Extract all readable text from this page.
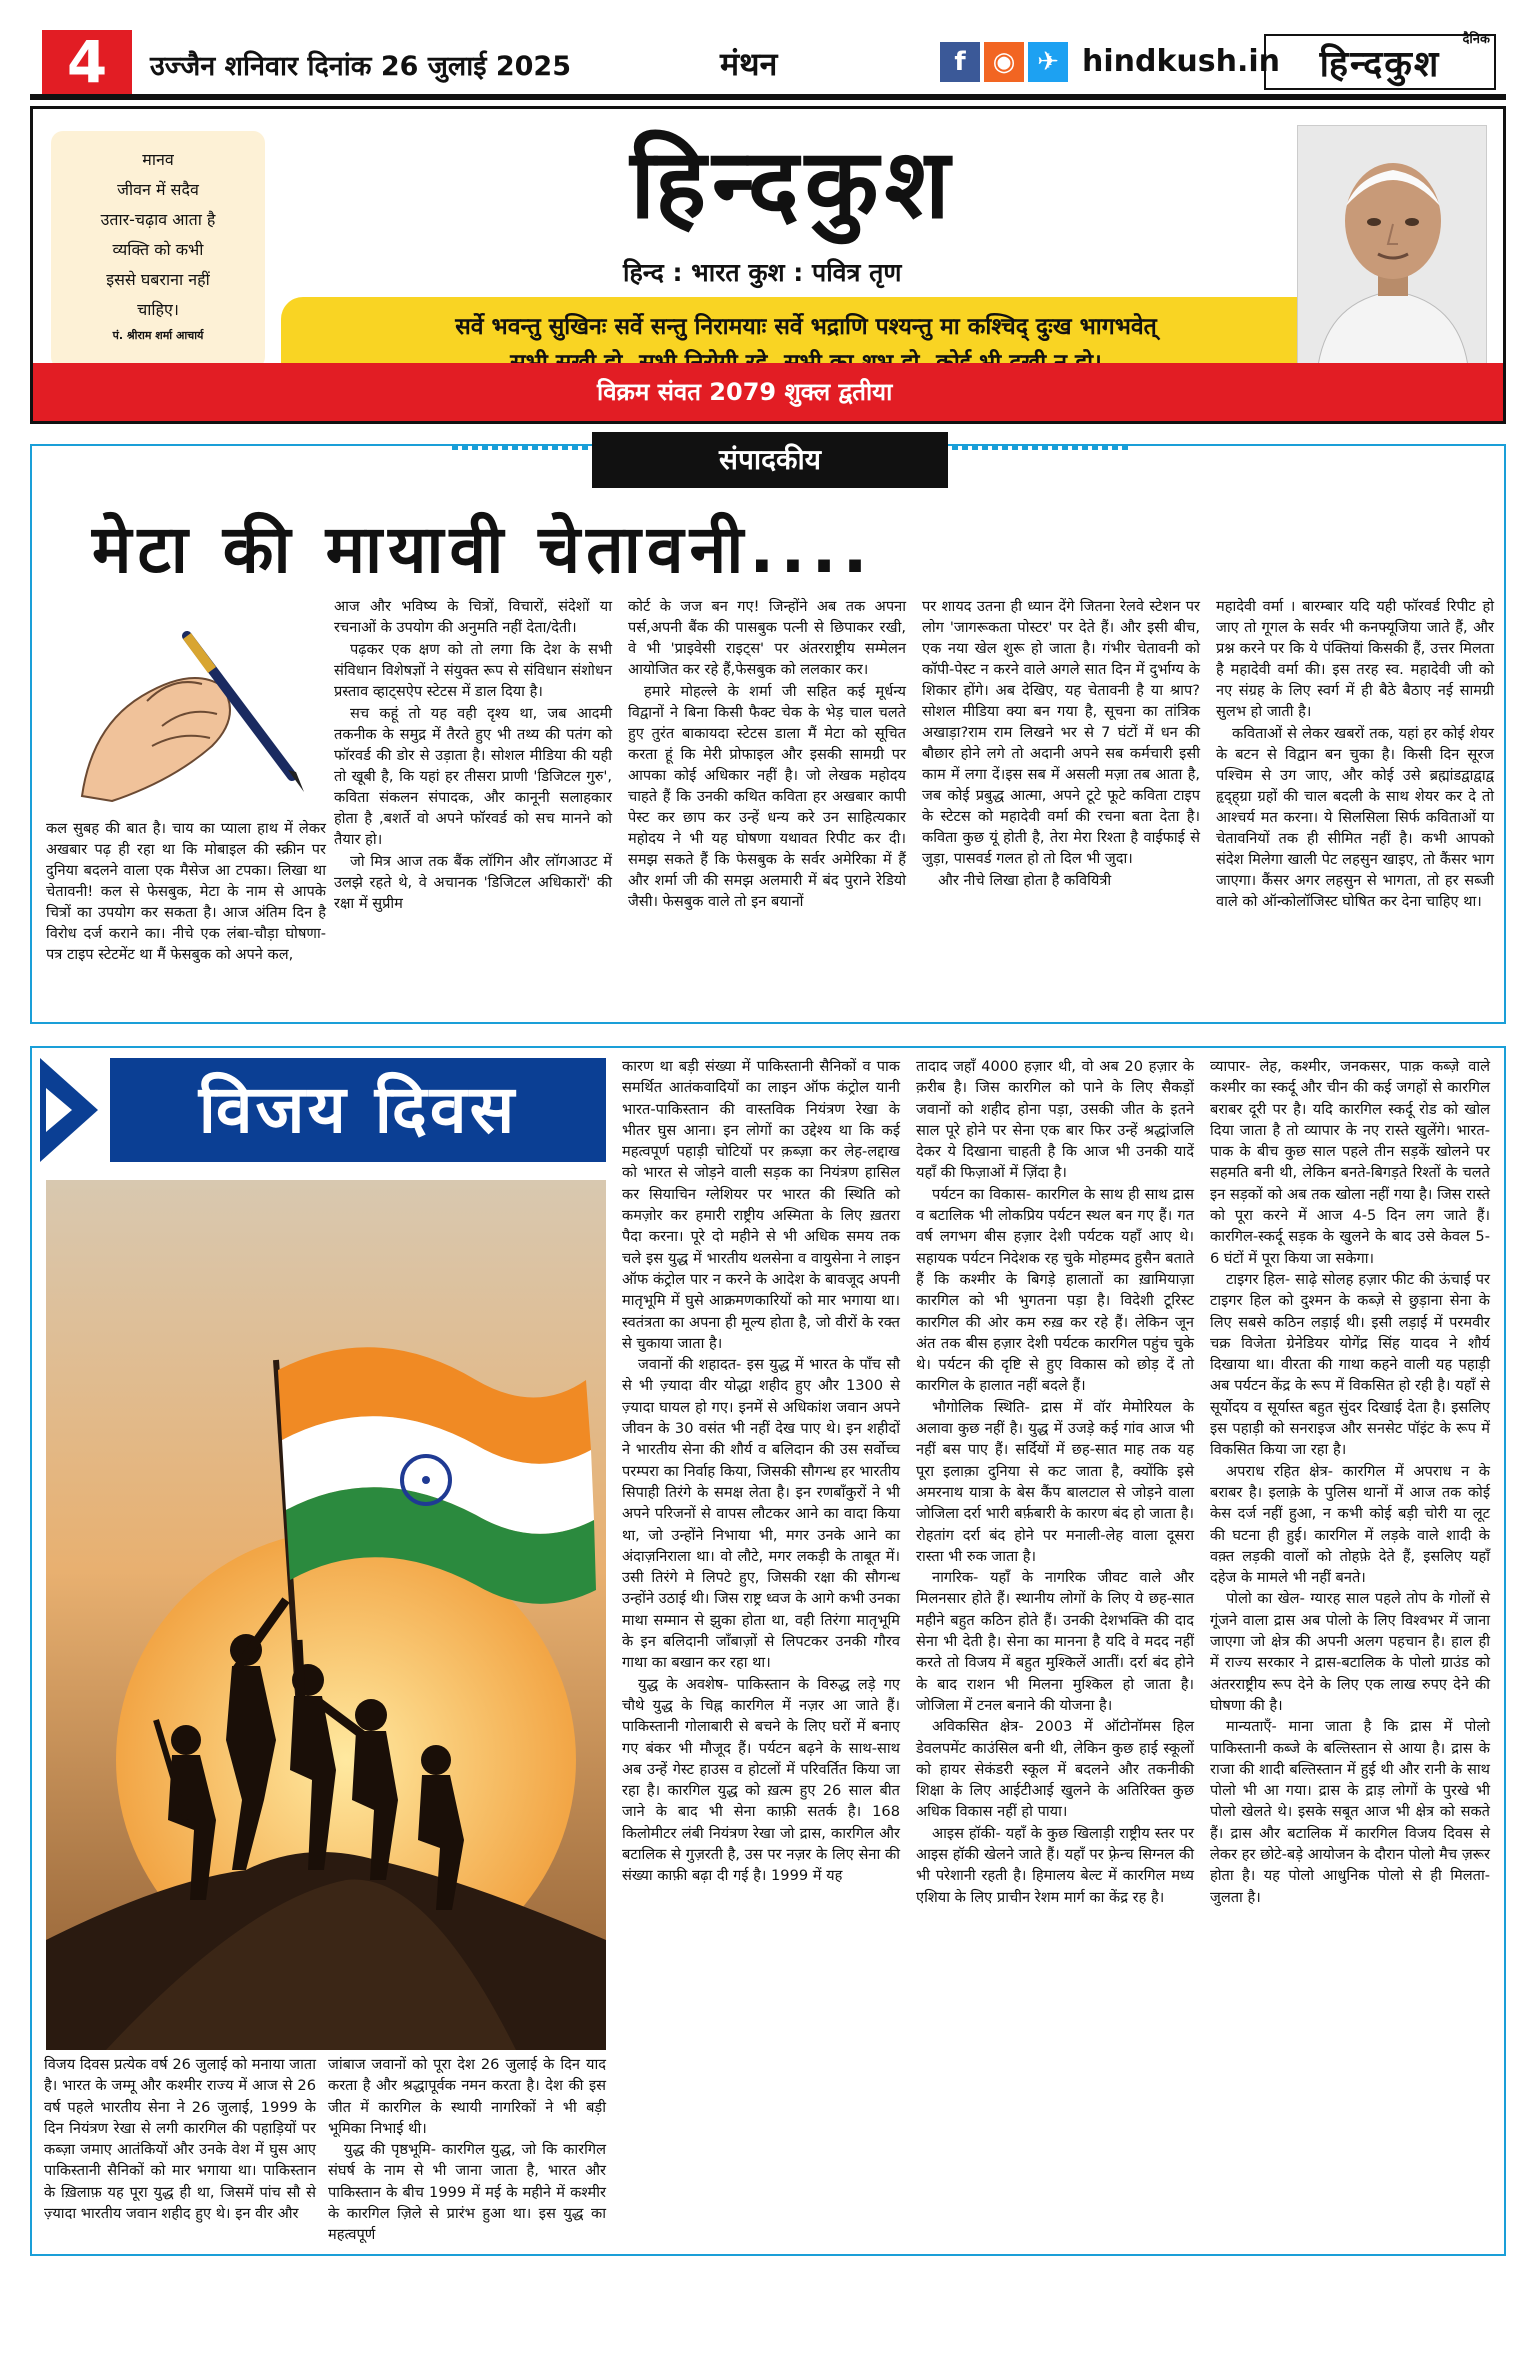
4	उज्जैन शनिवार दिनांक 26 जुलाई 2025	मंथन	f	◉ ✈ hindkush.in
दैनिक
हिन्दकुश
मानव
जीवन में सदैव
उतार-चढ़ाव आता है
व्यक्ति को कभी
इससे घबराना नहीं
चाहिए।
पं. श्रीराम शर्मा आचार्य
हिन्दकुश
हिन्द : भारत कुश : पवित्र तृण
सर्वे भवन्तु सुखिनः सर्वे सन्तु निरामयाः सर्वे भद्राणि पश्यन्तु मा कश्चिद् दुःख भागभवेत्
विक्रम संवत 2079 शुक्ल द्वतीया
संपादकीय
मेटा की मायावी चेतावनी....

कल सुबह की बात है। चाय का प्याला हाथ में लेकर अखबार पढ़ ही रहा था कि मोबाइल की स्क्रीन पर दुनिया बदलने वाला एक मैसेज आ टपका। लिखा था चेतावनी! कल से फेसबुक, मेटा के नाम से आपके चित्रों का उपयोग कर सकता है। आज अंतिम दिन है विरोध दर्ज कराने का। नीचे एक लंबा-चौड़ा घोषणा-पत्र टाइप स्टेटमेंट था मैं फेसबुक को अपने कल,

आज और भविष्य के चित्रों, विचारों, संदेशों या रचनाओं के उपयोग की अनुमति नहीं देता/देती।

पढ़कर एक क्षण को तो लगा कि देश के सभी संविधान विशेषज्ञों ने संयुक्त रूप से संविधान संशोधन प्रस्ताव व्हाट्सऐप स्टेटस में डाल दिया है।

सच कहूं तो यह वही दृश्य था, जब आदमी तकनीक के समुद्र में तैरते हुए भी तथ्य की पतंग को फॉरवर्ड की डोर से उड़ाता है। सोशल मीडिया की यही तो खूबी है, कि यहां हर तीसरा प्राणी 'डिजिटल गुरु', कविता संकलन संपादक, और कानूनी सलाहकार होता है ,बशर्ते वो अपने फॉरवर्ड को सच मानने को तैयार हो।

जो मित्र आज तक बैंक लॉगिन और लॉगआउट में उलझे रहते थे, वे अचानक 'डिजिटल अधिकारों' की रक्षा में सुप्रीम

कोर्ट के जज बन गए! जिन्होंने अब तक अपना पर्स,अपनी बैंक की पासबुक पत्नी से छिपाकर रखी, वे भी 'प्राइवेसी राइट्स' पर अंतरराष्ट्रीय सम्मेलन आयोजित कर रहे हैं,फेसबुक को ललकार कर।

हमारे मोहल्ले के शर्मा जी सहित कई मूर्धन्य विद्वानों ने बिना किसी फैक्ट चेक के भेड़ चाल चलते हुए तुरंत बाकायदा स्टेटस डाला मैं मेटा को सूचित करता हूं कि मेरी प्रोफाइल और इसकी सामग्री पर आपका कोई अधिकार नहीं है। जो लेखक महोदय चाहते हैं कि उनकी कथित कविता हर अखबार कापी पेस्ट कर छाप कर उन्हें धन्य करे उन साहित्यकार महोदय ने भी यह घोषणा यथावत रिपीट कर दी। समझ सकते हैं कि फेसबुक के सर्वर अमेरिका में हैं और शर्मा जी की समझ अलमारी में बंद पुराने रेडियो जैसी। फेसबुक वाले तो इन बयानों

पर शायद उतना ही ध्यान देंगे जितना रेलवे स्टेशन पर लोग 'जागरूकता पोस्टर' पर देते हैं। और इसी बीच, एक नया खेल शुरू हो जाता है। गंभीर चेतावनी को कॉपी-पेस्ट न करने वाले अगले सात दिन में दुर्भाग्य के शिकार होंगे। अब देखिए, यह चेतावनी है या श्राप? सोशल मीडिया क्या बन गया है, सूचना का तांत्रिक अखाड़ा?राम राम लिखने भर से 7 घंटों में धन की बौछार होने लगे तो अदानी अपने सब कर्मचारी इसी काम में लगा दें।इस सब में असली मज़ा तब आता है, जब कोई प्रबुद्ध आत्मा, अपने टूटे फूटे कविता टाइप के स्टेटस को महादेवी वर्मा की रचना बता देता है। कविता कुछ यूं होती है, तेरा मेरा रिश्ता है वाईफाई से जुड़ा, पासवर्ड गलत हो तो दिल भी जुदा।

और नीचे लिखा होता है कवियित्री

महादेवी वर्मा । बारम्बार यदि यही फॉरवर्ड रिपीट हो जाए तो गूगल के सर्वर भी कनफ्यूजिया जाते हैं, और प्रश्न करने पर कि ये पंक्तियां किसकी हैं, उत्तर मिलता है महादेवी वर्मा की। इस तरह स्व. महादेवी जी को नए संग्रह के लिए स्वर्ग में ही बैठे बैठाए नई सामग्री सुलभ हो जाती है।

कविताओं से लेकर खबरों तक, यहां हर कोई शेयर के बटन से विद्वान बन चुका है। किसी दिन सूरज पश्चिम से उग जाए, और कोई उसे ब्रह्मांडद्वाद्वाद्व हृद्‌ह्‌ग्रा ग्रहों की चाल बदली के साथ शेयर कर दे तो आश्चर्य मत करना। ये सिलसिला सिर्फ कविताओं या चेतावनियों तक ही सीमित नहीं है। कभी आपको संदेश मिलेगा खाली पेट लहसुन खाइए, तो कैंसर भाग जाएगा। कैंसर अगर लहसुन से भागता, तो हर सब्जी वाले को ऑन्कोलॉजिस्ट घोषित कर देना चाहिए था।

विजय दिवस

विजय दिवस प्रत्येक वर्ष 26 जुलाई को मनाया जाता है। भारत के जम्मू और कश्मीर राज्य में आज से 26 वर्ष पहले भारतीय सेना ने 26 जुलाई, 1999 के दिन नियंत्रण रेखा से लगी कारगिल की पहाड़ियों पर कब्ज़ा जमाए आतंकियों और उनके वेश में घुस आए पाकिस्तानी सैनिकों को मार भगाया था। पाकिस्तान के ख़िलाफ़ यह पूरा युद्ध ही था, जिसमें पांच सौ से ज़्यादा भारतीय जवान शहीद हुए थे। इन वीर और

जांबाज जवानों को पूरा देश 26 जुलाई के दिन याद करता है और श्रद्धापूर्वक नमन करता है। देश की इस जीत में कारगिल के स्थायी नागरिकों ने भी बड़ी भूमिका निभाई थी।

युद्ध की पृष्ठभूमि- कारगिल युद्ध, जो कि कारगिल संघर्ष के नाम से भी जाना जाता है, भारत और पाकिस्तान के बीच 1999 में मई के महीने में कश्मीर के कारगिल ज़िले से प्रारंभ हुआ था। इस युद्ध का महत्वपूर्ण

कारण था बड़ी संख्या में पाकिस्तानी सैनिकों व पाक समर्थित आतंकवादियों का लाइन ऑफ कंट्रोल यानी भारत-पाकिस्तान की वास्तविक नियंत्रण रेखा के भीतर घुस आना। इन लोगों का उद्देश्य था कि कई महत्वपूर्ण पहाड़ी चोटियों पर क़ब्ज़ा कर लेह-लद्दाख को भारत से जोड़ने वाली सड़क का नियंत्रण हासिल कर सियाचिन ग्लेशियर पर भारत की स्थिति को कमज़ोर कर हमारी राष्ट्रीय अस्मिता के लिए ख़तरा पैदा करना। पूरे दो महीने से भी अधिक समय तक चले इस युद्ध में भारतीय थलसेना व वायुसेना ने लाइन ऑफ कंट्रोल पार न करने के आदेश के बावजूद अपनी मातृभूमि में घुसे आक्रमणकारियों को मार भगाया था। स्वतंत्रता का अपना ही मूल्य होता है, जो वीरों के रक्त से चुकाया जाता है।

जवानों की शहादत- इस युद्ध में भारत के पाँच सौ से भी ज़्यादा वीर योद्धा शहीद हुए और 1300 से ज़्यादा घायल हो गए। इनमें से अधिकांश जवान अपने जीवन के 30 वसंत भी नहीं देख पाए थे। इन शहीदों ने भारतीय सेना की शौर्य व बलिदान की उस सर्वोच्च परम्परा का निर्वाह किया, जिसकी सौगन्ध हर भारतीय सिपाही तिरंगे के समक्ष लेता है। इन रणबाँकुरों ने भी अपने परिजनों से वापस लौटकर आने का वादा किया था, जो उन्होंने निभाया भी, मगर उनके आने का अंदाज़निराला था। वो लौटे, मगर लकड़ी के ताबूत में। उसी तिरंगे मे लिपटे हुए, जिसकी रक्षा की सौगन्ध उन्होंने उठाई थी। जिस राष्ट्र ध्वज के आगे कभी उनका माथा सम्मान से झुका होता था, वही तिरंगा मातृभूमि के इन बलिदानी जाँबाज़ों से लिपटकर उनकी गौरव गाथा का बखान कर रहा था।

युद्ध के अवशेष- पाकिस्तान के विरुद्ध लड़े गए चौथे युद्ध के चिह्न कारगिल में नज़र आ जाते हैं। पाकिस्तानी गोलाबारी से बचने के लिए घरों में बनाए गए बंकर भी मौजूद हैं। पर्यटन बढ़ने के साथ-साथ अब उन्हें गेस्ट हाउस व होटलों में परिवर्तित किया जा रहा है। कारगिल युद्ध को ख़त्म हुए 26 साल बीत जाने के बाद भी सेना काफ़ी सतर्क है। 168 किलोमीटर लंबी नियंत्रण रेखा जो द्रास, कारगिल और बटालिक से गुज़रती है, उस पर नज़र के लिए सेना की संख्या काफ़ी बढ़ा दी गई है। 1999 में यह

तादाद जहाँ 4000 हज़ार थी, वो अब 20 हज़ार के क़रीब है। जिस कारगिल को पाने के लिए सैकड़ों जवानों को शहीद होना पड़ा, उसकी जीत के इतने साल पूरे होने पर सेना एक बार फिर उन्हें श्रद्धांजलि देकर ये दिखाना चाहती है कि आज भी उनकी यादें यहाँ की फिज़ाओं में ज़िंदा है।

पर्यटन का विकास- कारगिल के साथ ही साथ द्रास व बटालिक भी लोकप्रिय पर्यटन स्थल बन गए हैं। गत वर्ष लगभग बीस हज़ार देशी पर्यटक यहाँ आए थे। सहायक पर्यटन निदेशक रह चुके मोहम्मद हुसैन बताते हैं कि कश्मीर के बिगड़े हालातों का ख़ामियाज़ा कारगिल को भी भुगतना पड़ा है। विदेशी टूरिस्ट कारगिल की ओर कम रुख़ कर रहे हैं। लेकिन जून अंत तक बीस हज़ार देशी पर्यटक कारगिल पहुंच चुके थे। पर्यटन की दृष्टि से हुए विकास को छोड़ दें तो कारगिल के हालात नहीं बदले हैं।

भौगोलिक स्थिति- द्रास में वॉर मेमोरियल के अलावा कुछ नहीं है। युद्ध में उजड़े कई गांव आज भी नहीं बस पाए हैं। सर्दियों में छह-सात माह तक यह पूरा इलाक़ा दुनिया से कट जाता है, क्योंकि इसे अमरनाथ यात्रा के बेस कैंप बालटाल से जोड़ने वाला जोजिला दर्रा भारी बर्फ़बारी के कारण बंद हो जाता है। रोहतांग दर्रा बंद होने पर मनाली-लेह वाला दूसरा रास्ता भी रुक जाता है।

नागरिक- यहाँ के नागरिक जीवट वाले और मिलनसार होते हैं। स्थानीय लोगों के लिए ये छह-सात महीने बहुत कठिन होते हैं। उनकी देशभक्ति की दाद सेना भी देती है। सेना का मानना है यदि वे मदद नहीं करते तो विजय में बहुत मुश्किलें आतीं। दर्रा बंद होने के बाद राशन भी मिलना मुश्किल हो जाता है। जोजिला में टनल बनाने की योजना है।

अविकसित क्षेत्र- 2003 में ऑटोनॉमस हिल डेवलपमेंट काउंसिल बनी थी, लेकिन कुछ हाई स्कूलों को हायर सेकंडरी स्कूल में बदलने और तकनीकी शिक्षा के लिए आईटीआई खुलने के अतिरिक्त कुछ अधिक विकास नहीं हो पाया।

आइस हॉकी- यहाँ के कुछ खिलाड़ी राष्ट्रीय स्तर पर आइस हॉकी खेलने जाते हैं। यहाँ पर फ़्रेन्च सिग्नल की भी परेशानी रहती है। हिमालय बेल्ट में कारगिल मध्य एशिया के लिए प्राचीन रेशम मार्ग का केंद्र रह है।

व्यापार- लेह, कश्मीर, जनकसर, पाक़ कब्ज़े वाले कश्मीर का स्कर्दू और चीन की कई जगहों से कारगिल बराबर दूरी पर है। यदि कारगिल स्कर्दू रोड को खोल दिया जाता है तो व्यापार के नए रास्ते खुलेंगे। भारत-पाक के बीच कुछ साल पहले तीन सड़कें खोलने पर सहमति बनी थी, लेकिन बनते-बिगड़ते रिश्तों के चलते इन सड़कों को अब तक खोला नहीं गया है। जिस रास्ते को पूरा करने में आज 4-5 दिन लग जाते हैं। कारगिल-स्कर्दू सड़क के खुलने के बाद उसे केवल 5-6 घंटों में पूरा किया जा सकेगा।

टाइगर हिल- साढ़े सोलह हज़ार फीट की ऊंचाई पर टाइगर हिल को दुश्मन के कब्ज़े से छुड़ाना सेना के लिए सबसे कठिन लड़ाई थी। इसी लड़ाई में परमवीर चक्र विजेता ग्रेनेडियर योगेंद्र सिंह यादव ने शौर्य दिखाया था। वीरता की गाथा कहने वाली यह पहाड़ी अब पर्यटन केंद्र के रूप में विकसित हो रही है। यहाँ से सूर्योदय व सूर्यास्त बहुत सुंदर दिखाई देता है। इसलिए इस पहाड़ी को सनराइज और सनसेट पॉइंट के रूप में विकसित किया जा रहा है।

अपराध रहित क्षेत्र- कारगिल में अपराध न के बराबर है। इलाक़े के पुलिस थानों में आज तक कोई केस दर्ज नहीं हुआ, न कभी कोई बड़ी चोरी या लूट की घटना ही हुई। कारगिल में लड़के वाले शादी के वक़्त लड़की वालों को तोहफ़े देते हैं, इसलिए यहाँ दहेज के मामले भी नहीं बनते।

पोलो का खेल- ग्यारह साल पहले तोप के गोलों से गूंजने वाला द्रास अब पोलो के लिए विश्वभर में जाना जाएगा जो क्षेत्र की अपनी अलग पहचान है। हाल ही में राज्य सरकार ने द्रास-बटालिक के पोलो ग्राउंड को अंतरराष्ट्रीय रूप देने के लिए एक लाख रुपए देने की घोषणा की है।

मान्यताएँ- माना जाता है कि द्रास में पोलो पाकिस्तानी कब्जे के बल्तिस्तान से आया है। द्रास के राजा की शादी बल्तिस्तान में हुई थी और रानी के साथ पोलो भी आ गया। द्रास के द्राड़ लोगों के पुरखे भी पोलो खेलते थे। इसके सबूत आज भी क्षेत्र को सकते हैं। द्रास और बटालिक में कारगिल विजय दिवस से लेकर हर छोटे-बड़े आयोजन के दौरान पोलो मैच ज़रूर होता है। यह पोलो आधुनिक पोलो से ही मिलता-जुलता है।
